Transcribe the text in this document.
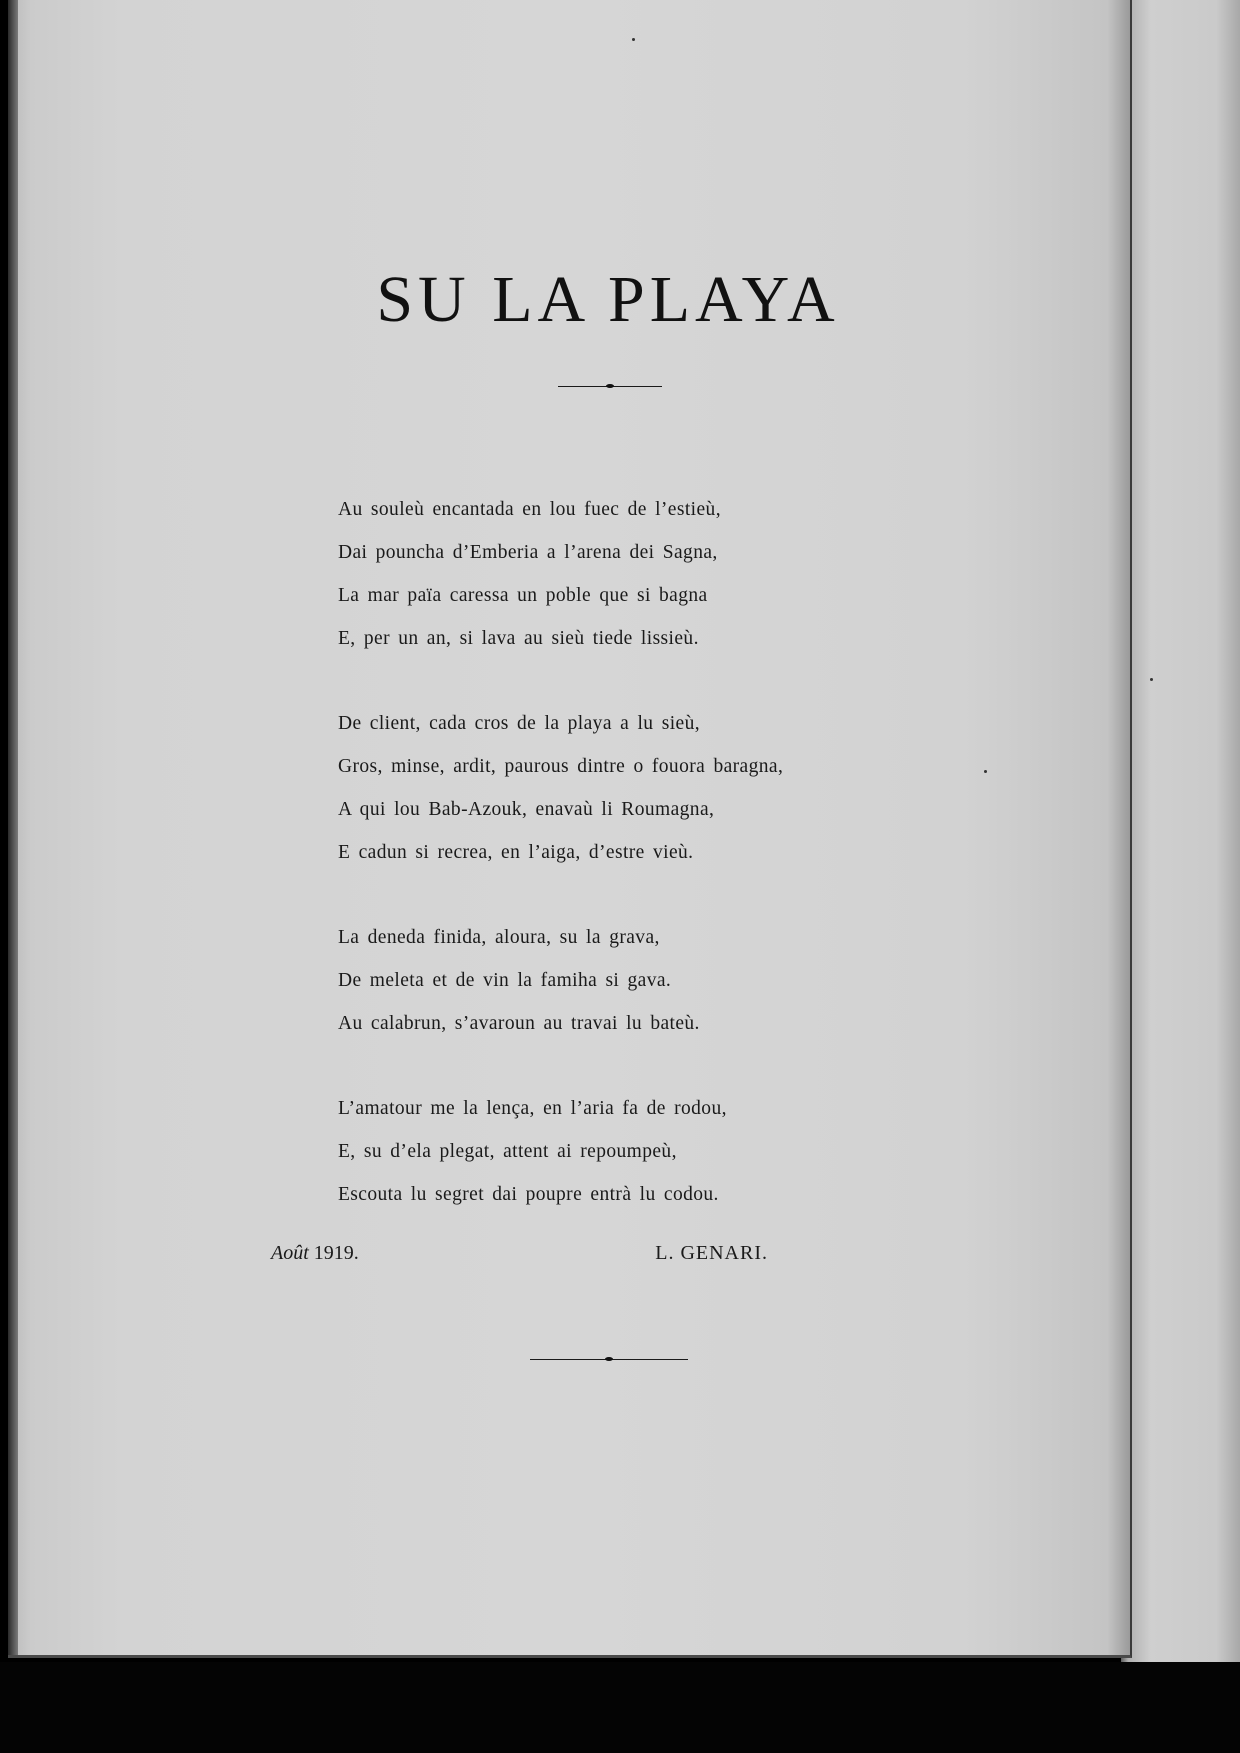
SU LA PLAYA
Au souleù encantada en lou fuec de l’estieù,
Dai pouncha d’Emberia a l’arena dei Sagna,
La mar païa caressa un poble que si bagna
E, per un an, si lava au sieù tiede lissieù.
De client, cada cros de la playa a lu sieù,
Gros, minse, ardit, paurous dintre o fouora baragna,
A qui lou Bab-Azouk, enavaù li Roumagna,
E cadun si recrea, en l’aiga, d’estre vieù.
La deneda finida, aloura, su la grava,
De meleta et de vin la famiha si gava.
Au calabrun, s’avaroun au travai lu bateù.
L’amatour me la lença, en l’aria fa de rodou,
E, su d’ela plegat, attent ai repoumpeù,
Escouta lu segret dai poupre entrà lu codou.
Août 1919.	L. GENARI.
